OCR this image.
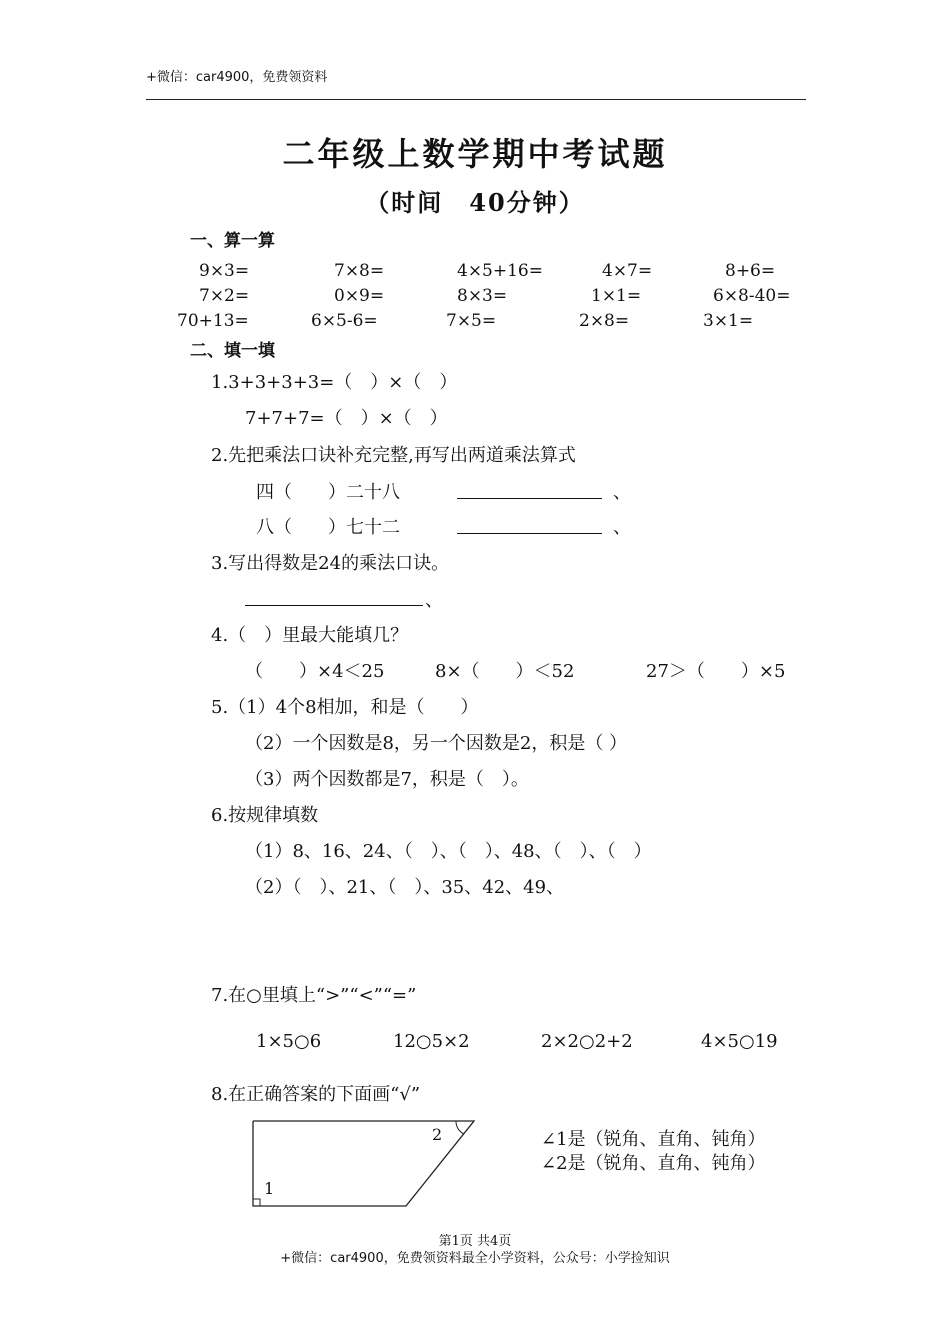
+微信：car4900，免费领资料
二年级上数学期中考试题
（时间　40分钟）
一、算一算
9×3=	7×8=	4×5+16=	4×7=	8+6=
7×2=	0×9=	8×3=	1×1=	6×8-40=
70+13=	6×5-6=	7×5=	2×8=	3×1=
二、填一填
1.3+3+3+3=（　）×（　）
7+7+7=（　）×（　）
2.先把乘法口诀补充完整,再写出两道乘法算式
四（　　）二十八	、
八（　　）七十二	、
3.写出得数是24的乘法口诀。
、
4.（　）里最大能填几？
（　　）×4＜25	8×（　　）＜52	27＞（　　）×5
5.（1）4个8相加，和是（　　）
（2）一个因数是8，另一个因数是2，积是（ ）
（3）两个因数都是7，积是（　）。
6.按规律填数
（1）8、16、24、（　）、（　）、48、（　）、（　）
（2）（　）、21、（　）、35、42、49、
7.在○里填上“>”“<”“=”
1×5○6	12○5×2	2×2○2+2	4×5○19
8.在正确答案的下面画“√”
1
2	∠1是（锐角、直角、钝角）
∠2是（锐角、直角、钝角）
第1页 共4页
+微信：car4900，免费领资料最全小学资料，公众号：小学捡知识
